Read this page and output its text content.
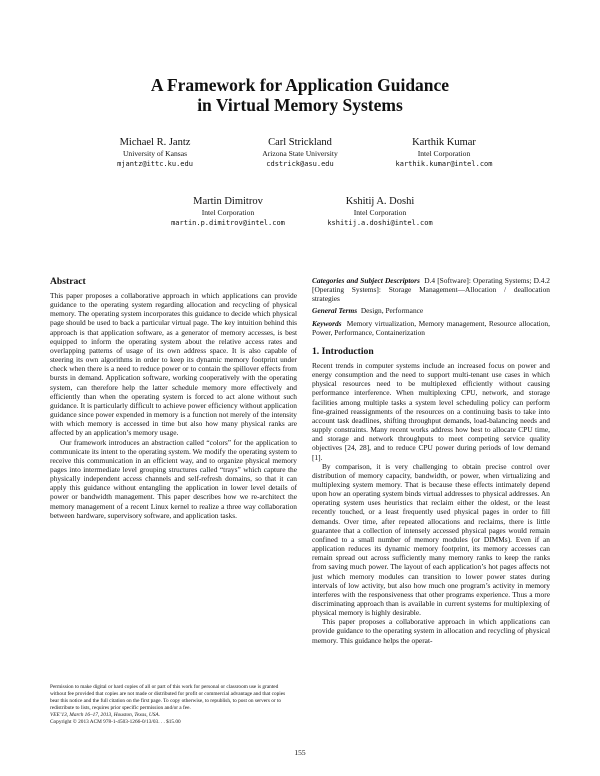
A Framework for Application Guidance
in Virtual Memory Systems
Michael R. Jantz
University of Kansas
mjantz@ittc.ku.edu
Carl Strickland
Arizona State University
cdstrick@asu.edu
Karthik Kumar
Intel Corporation
karthik.kumar@intel.com
Martin Dimitrov
Intel Corporation
martin.p.dimitrov@intel.com
Kshitij A. Doshi
Intel Corporation
kshitij.a.doshi@intel.com
Abstract

This paper proposes a collaborative approach in which applications can provide guidance to the operating system regarding allocation and recycling of physical memory. The operating system incorporates this guidance to decide which physical page should be used to back a particular virtual page. The key intuition behind this approach is that application software, as a generator of memory accesses, is best equipped to inform the operating system about the relative access rates and overlapping patterns of usage of its own address space. It is also capable of steering its own algorithms in order to keep its dynamic memory footprint under check when there is a need to reduce power or to contain the spillover effects from bursts in demand. Application software, working cooperatively with the operating system, can therefore help the latter schedule memory more effectively and efficiently than when the operating system is forced to act alone without such guidance. It is particularly difficult to achieve power efficiency without application guidance since power expended in memory is a function not merely of the intensity with which memory is accessed in time but also how many physical ranks are affected by an application’s memory usage.

Our framework introduces an abstraction called “colors” for the application to communicate its intent to the operating system. We modify the operating system to receive this communication in an efficient way, and to organize physical memory pages into intermediate level grouping structures called “trays” which capture the physically independent access channels and self-refresh domains, so that it can apply this guidance without entangling the application in lower level details of power or bandwidth management. This paper describes how we re-architect the memory management of a recent Linux kernel to realize a three way collaboration between hardware, supervisory software, and application tasks.

Permission to make digital or hard copies of all or part of this work for personal or classroom use is granted without fee provided that copies are not made or distributed for profit or commercial advantage and that copies bear this notice and the full citation on the first page. To copy otherwise, to republish, to post on servers or to redistribute to lists, requires prior specific permission and/or a fee.

VEE’13, March 16–17, 2013, Houston, Texas, USA.

Copyright © 2013 ACM 978-1-4503-1266-0/13/03. . . $15.00

Categories and Subject Descriptors D.4 [Software]: Operating Systems; D.4.2 [Operating Systems]: Storage Management—Allocation / deallocation strategies

General Terms Design, Performance

Keywords Memory virtualization, Memory management, Resource allocation, Power, Performance, Containerization

1. Introduction

Recent trends in computer systems include an increased focus on power and energy consumption and the need to support multi-tenant use cases in which physical resources need to be multiplexed efficiently without causing performance interference. When multiplexing CPU, network, and storage facilities among multiple tasks a system level scheduling policy can perform fine-grained reassignments of the resources on a continuing basis to take into account task deadlines, shifting throughput demands, load-balancing needs and supply constraints. Many recent works address how best to allocate CPU time, and storage and network throughputs to meet competing service quality objectives [24, 28], and to reduce CPU power during periods of low demand [1].

By comparison, it is very challenging to obtain precise control over distribution of memory capacity, bandwidth, or power, when virtualizing and multiplexing system memory. That is because these effects intimately depend upon how an operating system binds virtual addresses to physical addresses. An operating system uses heuristics that reclaim either the oldest, or the least recently touched, or a least frequently used physical pages in order to fill demands. Over time, after repeated allocations and reclaims, there is little guarantee that a collection of intensely accessed physical pages would remain confined to a small number of memory modules (or DIMMs). Even if an application reduces its dynamic memory footprint, its memory accesses can remain spread out across sufficiently many memory ranks to keep the ranks from saving much power. The layout of each application’s hot pages affects not just which memory modules can transition to lower power states during intervals of low activity, but also how much one program’s activity in memory interferes with the responsiveness that other programs experience. Thus a more discriminating approach than is available in current systems for multiplexing of physical memory is highly desirable.

This paper proposes a collaborative approach in which applications can provide guidance to the operating system in allocation and recycling of physical memory. This guidance helps the operat-

155
